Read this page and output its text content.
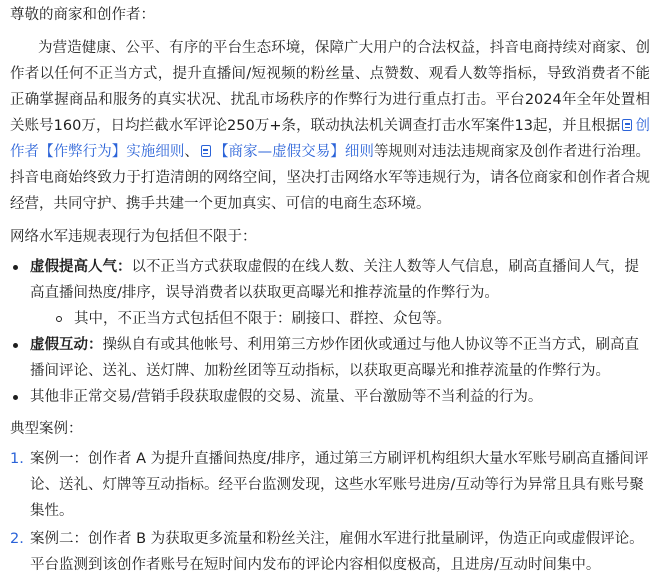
尊敬的商家和创作者：

为营造健康、公平、有序的平台生态环境，保障广大用户的合法权益，抖音电商持续对商家、创作者以任何不正当方式，提升直播间/短视频的粉丝量、点赞数、观看人数等指标，导致消费者不能正确掌握商品和服务的真实状况、扰乱市场秩序的作弊行为进行重点打击。平台2024年全年处置相关账号160万，日均拦截水军评论250万+条，联动执法机关调查打击水军案件13起，并且根据 创作者【作弊行为】实施细则、 【商家—虚假交易】细则等规则对违法违规商家及创作者进行治理。抖音电商始终致力于打造清朗的网络空间，坚决打击网络水军等违规行为，请各位商家和创作者合规经营，共同守护、携手共建一个更加真实、可信的电商生态环境。

网络水军违规表现行为包括但不限于：

虚假提高人气：以不正当方式获取虚假的在线人数、关注人数等人气信息，刷高直播间人气，提高直播间热度/排序，误导消费者以获取更高曝光和推荐流量的作弊行为。
其中，不正当方式包括但不限于：刷接口、群控、众包等。
虚假互动：操纵自有或其他帐号、利用第三方炒作团伙或通过与他人协议等不正当方式，刷高直播间评论、送礼、送灯牌、加粉丝团等互动指标，以获取更高曝光和推荐流量的作弊行为。
其他非正常交易/营销手段获取虚假的交易、流量、平台激励等不当利益的行为。

典型案例：

1. 案例一：创作者 A 为提升直播间热度/排序，通过第三方刷评机构组织大量水军账号刷高直播间评论、送礼、灯牌等互动指标。经平台监测发现，这些水军账号进房/互动等行为异常且具有账号聚集性。
2. 案例二：创作者 B 为获取更多流量和粉丝关注，雇佣水军进行批量刷评，伪造正向或虚假评论。平台监测到该创作者账号在短时间内发布的评论内容相似度极高，且进房/互动时间集中。
